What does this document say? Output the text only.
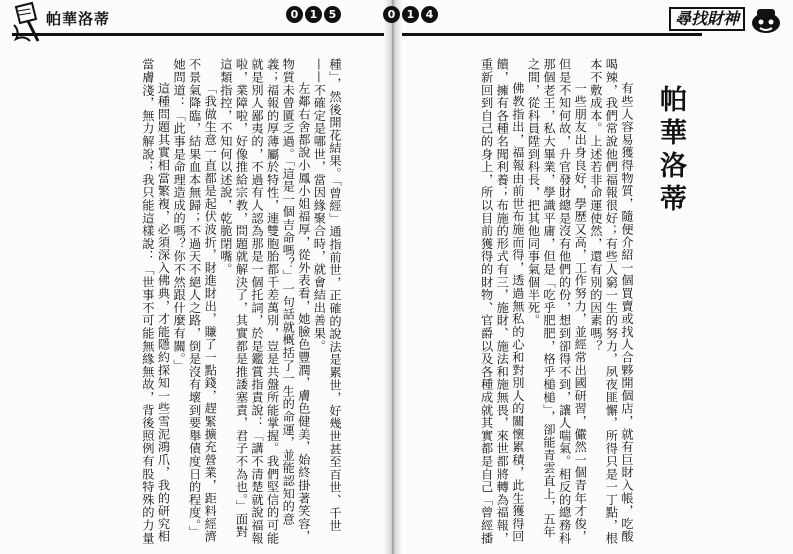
帕華洛蒂	0	1	5

種」，然後開花結果。「曾經」通指前世，正確的說法是累世，好幾世甚至百世、千世——不確定是哪世，當因緣聚合時，就會結出善果。

左鄰右舍都說小鳳小姐福厚，從外表看，她臉色豐潤，膚色健美，始終掛著笑容，物質未曾匱乏過。「這是一個吉命嗎？」一句話就概括了一生的命運，並能認知的意義；福報的厚薄屬於特性，連雙胞胎都千差萬別，豈是共盤所能掌握。我們堅信的可能就是別人鄙夷的，不過有人認為那是一個托詞，於是鑑賞指責說：「講不清楚就說福報啦，業障啦，好像推給宗教，問題就解決了，其實都是推諉塞責，君子不為也。」面對這類指控，不知何以述說，乾脆閉嘴。

「我做生意一直都是起伏波折，財進財出，賺了一點錢，趕緊擴充營業，距料經濟不景氣降臨，結果血本無歸；不過天不絕人之路，倒是沒有壞到要舉債度日的程度。」她問道：「此事是命理造成的嗎？你不然跟什麼有關。」

這種問題其實相當繁複，必須深入佛典，才能隱約探知一些雪泥鴻爪，我的研究相當膚淺，無力解說；我只能這樣說：「世事不可能無緣無故，背後照例有股特殊的力量

0	1	4	尋找財神

有些人容易獲得物質，隨便介紹一個買賣或找人合夥開個店，就有巨財入帳，吃酸喝辣，我們常說他們福報很好；有些人窮一生的努力，夙夜匪懈，所得只是一丁點，根本不敷成本。上述若非命運使然，還有別的因素嗎？

一些朋友出身良好，學歷又高，工作努力，並經常出國研習，儼然一個青年才俊，但是不知何故，升官發財總是沒有他們的份，想到卻得不到，讓人喘氣。相反的總務科那個老王，私大畢業，學識平庸，但是「吃乎肥肥，格乎槌槌」，卻能青雲直上，五年之間，從科員陞到科長，把其他同事氣個半死。

佛教指出，福報由前世布施而得，透過無私的心和對別人的關懷累積，此生獲得回饋，擁有各種名聞利養；布施的形式有三，施財、施法和施無畏，來世都將轉為福報，重新回到自己的身上，所以目前獲得的財物、官爵以及各種成就其實都是自己「曾經播	帕華洛蒂
